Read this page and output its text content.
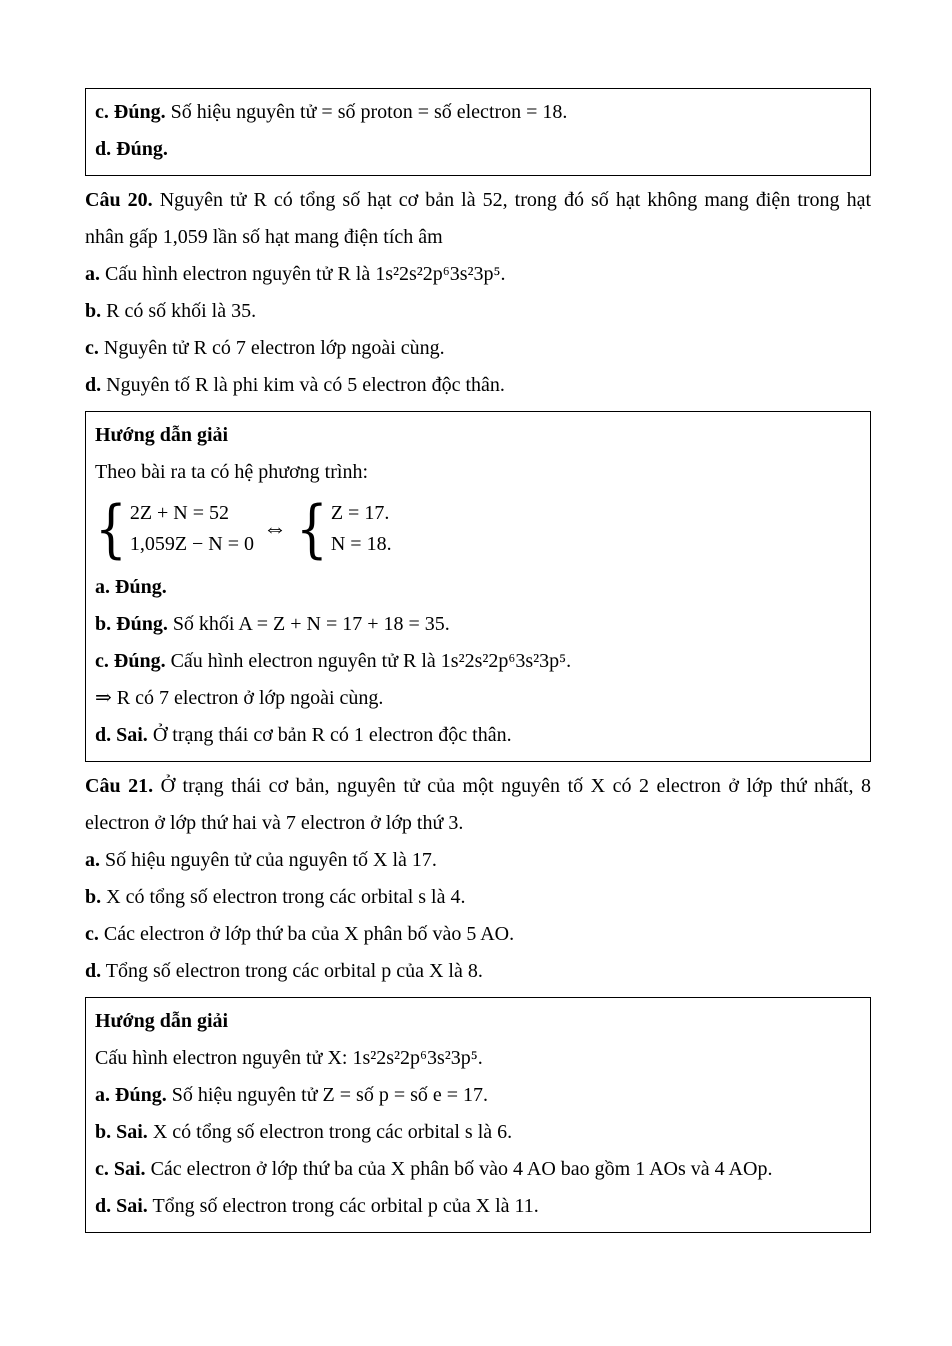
c. Đúng. Số hiệu nguyên tử = số proton = số electron = 18.

d. Đúng.

Câu 20. Nguyên tử R có tổng số hạt cơ bản là 52, trong đó số hạt không mang điện trong hạt nhân gấp 1,059 lần số hạt mang điện tích âm

a. Cấu hình electron nguyên tử R là 1s²2s²2p⁶3s²3p⁵.

b. R có số khối là 35.

c. Nguyên tử R có 7 electron lớp ngoài cùng.

d. Nguyên tố R là phi kim và có 5 electron độc thân.

Hướng dẫn giải

Theo bài ra ta có hệ phương trình:

{ 2Z + N = 52
1,059Z − N = 0
⇔ { Z = 17.
N = 18.

a. Đúng.

b. Đúng. Số khối A = Z + N = 17 + 18 = 35.

c. Đúng. Cấu hình electron nguyên tử R là 1s²2s²2p⁶3s²3p⁵.

⇒ R có 7 electron ở lớp ngoài cùng.

d. Sai. Ở trạng thái cơ bản R có 1 electron độc thân.

Câu 21. Ở trạng thái cơ bản, nguyên tử của một nguyên tố X có 2 electron ở lớp thứ nhất, 8 electron ở lớp thứ hai và 7 electron ở lớp thứ 3.

a. Số hiệu nguyên tử của nguyên tố X là 17.

b. X có tổng số electron trong các orbital s là 4.

c. Các electron ở lớp thứ ba của X phân bố vào 5 AO.

d. Tổng số electron trong các orbital p của X là 8.

Hướng dẫn giải

Cấu hình electron nguyên tử X: 1s²2s²2p⁶3s²3p⁵.

a. Đúng. Số hiệu nguyên tử Z = số p = số e = 17.

b. Sai. X có tổng số electron trong các orbital s là 6.

c. Sai. Các electron ở lớp thứ ba của X phân bố vào 4 AO bao gồm 1 AOs và 4 AOp.

d. Sai. Tổng số electron trong các orbital p của X là 11.
